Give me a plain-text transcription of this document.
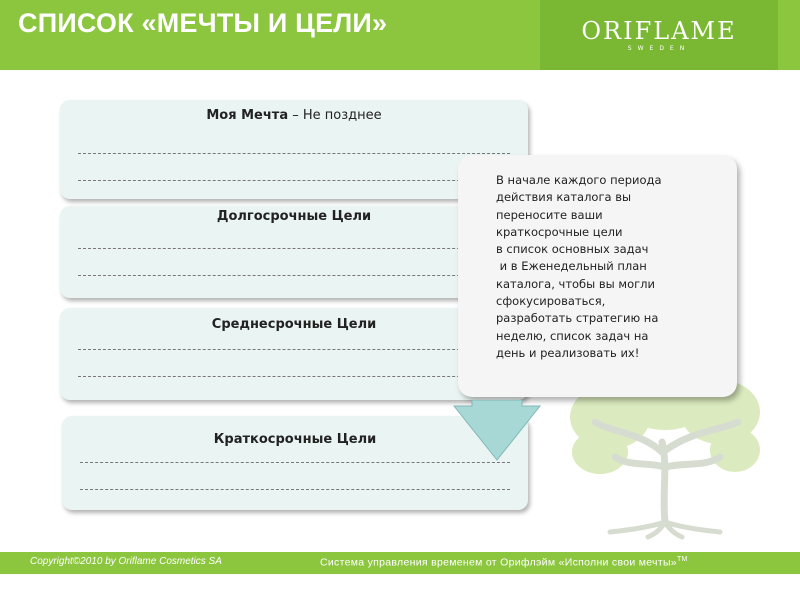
СПИСОК «МЕЧТЫ И ЦЕЛИ»	ORIFLAME
SWEDEN
Моя Мечта – Не позднее
Долгосрочные Цели
Среднесрочные Цели
Краткосрочные Цели
В начале каждого периода
действия каталога вы
переносите ваши
краткосрочные цели
в список основных задач
и в Еженедельный план
каталога, чтобы вы могли
сфокусироваться,
разработать стратегию на
неделю, список задач на
день и реализовать их!
Copyright©2010 by Oriflame Cosmetics SA	Система управления временем от Орифлэйм «Исполни свои мечты»™
